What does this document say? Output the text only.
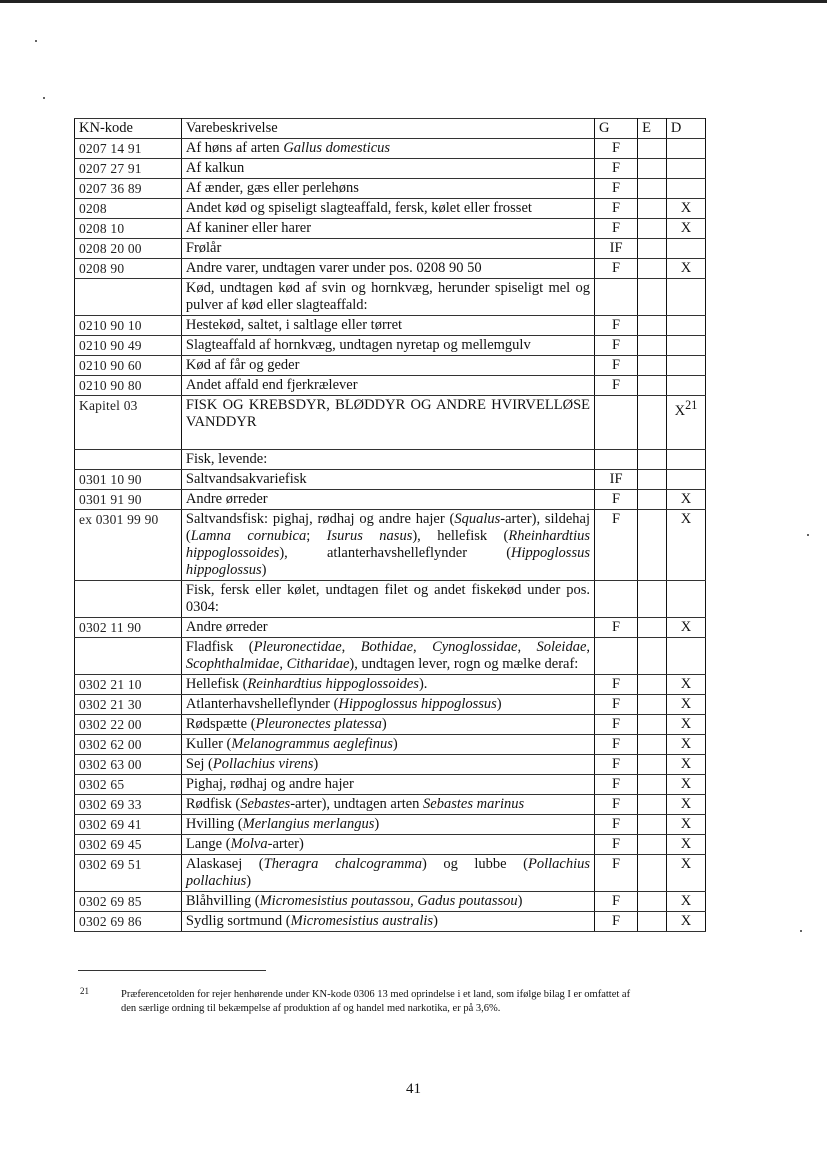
KN-kode	Varebeskrivelse	G	E	D
0207 14 91	Af høns af arten Gallus domesticus	F		
0207 27 91	Af kalkun	F		
0207 36 89	Af ænder, gæs eller perlehøns	F		
0208	Andet kød og spiseligt slagteaffald, fersk, kølet eller frosset	F		X
0208 10	Af kaniner eller harer	F		X
0208 20 00	Frølår	IF		
0208 90	Andre varer, undtagen varer under pos. 0208 90 50	F		X
	Kød, undtagen kød af svin og hornkvæg, herunder spiseligt mel og pulver af kød eller slagteaffald:			
0210 90 10	Hestekød, saltet, i saltlage eller tørret	F		
0210 90 49	Slagteaffald af hornkvæg, undtagen nyretap og mellemgulv	F		
0210 90 60	Kød af får og geder	F		
0210 90 80	Andet affald end fjerkrælever	F		
Kapitel 03	FISK OG KREBSDYR, BLØDDYR OG ANDRE HVIRVELLØSE VANDDYR			$X^{21}$
	Fisk, levende:			
0301 10 90	Saltvandsakvariefisk	IF		
0301 91 90	Andre ørreder	F		X
ex 0301 99 90	Saltvandsfisk: pighaj, rødhaj og andre hajer (Squalus-arter), sildehaj (Lamna cornubica; Isurus nasus), hellefisk (Rheinhardtius hippoglossoides), atlanterhavshelleflynder (Hippoglossus hippoglossus)	F		X
	Fisk, fersk eller kølet, undtagen filet og andet fiskekød under pos. 0304:			
0302 11 90	Andre ørreder	F		X
	Fladfisk (Pleuronectidae, Bothidae, Cynoglossidae, Soleidae, Scophthalmidae, Citharidae), undtagen lever, rogn og mælke deraf:			
0302 21 10	Hellefisk (Reinhardtius hippoglossoides).	F		X
0302 21 30	Atlanterhavshelleflynder (Hippoglossus hippoglossus)	F		X
0302 22 00	Rødspætte (Pleuronectes platessa)	F		X
0302 62 00	Kuller (Melanogrammus aeglefinus)	F		X
0302 63 00	Sej (Pollachius virens)	F		X
0302 65	Pighaj, rødhaj og andre hajer	F		X
0302 69 33	Rødfisk (Sebastes-arter), undtagen arten Sebastes marinus	F		X
0302 69 41	Hvilling (Merlangius merlangus)	F		X
0302 69 45	Lange (Molva-arter)	F		X
0302 69 51	Alaskasej (Theragra chalcogramma) og lubbe (Pollachius pollachius)	F		X
0302 69 85	Blåhvilling (Micromesistius poutassou, Gadus poutassou)	F		X
0302 69 86	Sydlig sortmund (Micromesistius australis)	F		X
21	Præferencetolden for rejer henhørende under KN-kode 0306 13 med oprindelse i et land, som ifølge bilag I er omfattet af den særlige ordning til bekæmpelse af produktion af og handel med narkotika, er på 3,6%.
41
